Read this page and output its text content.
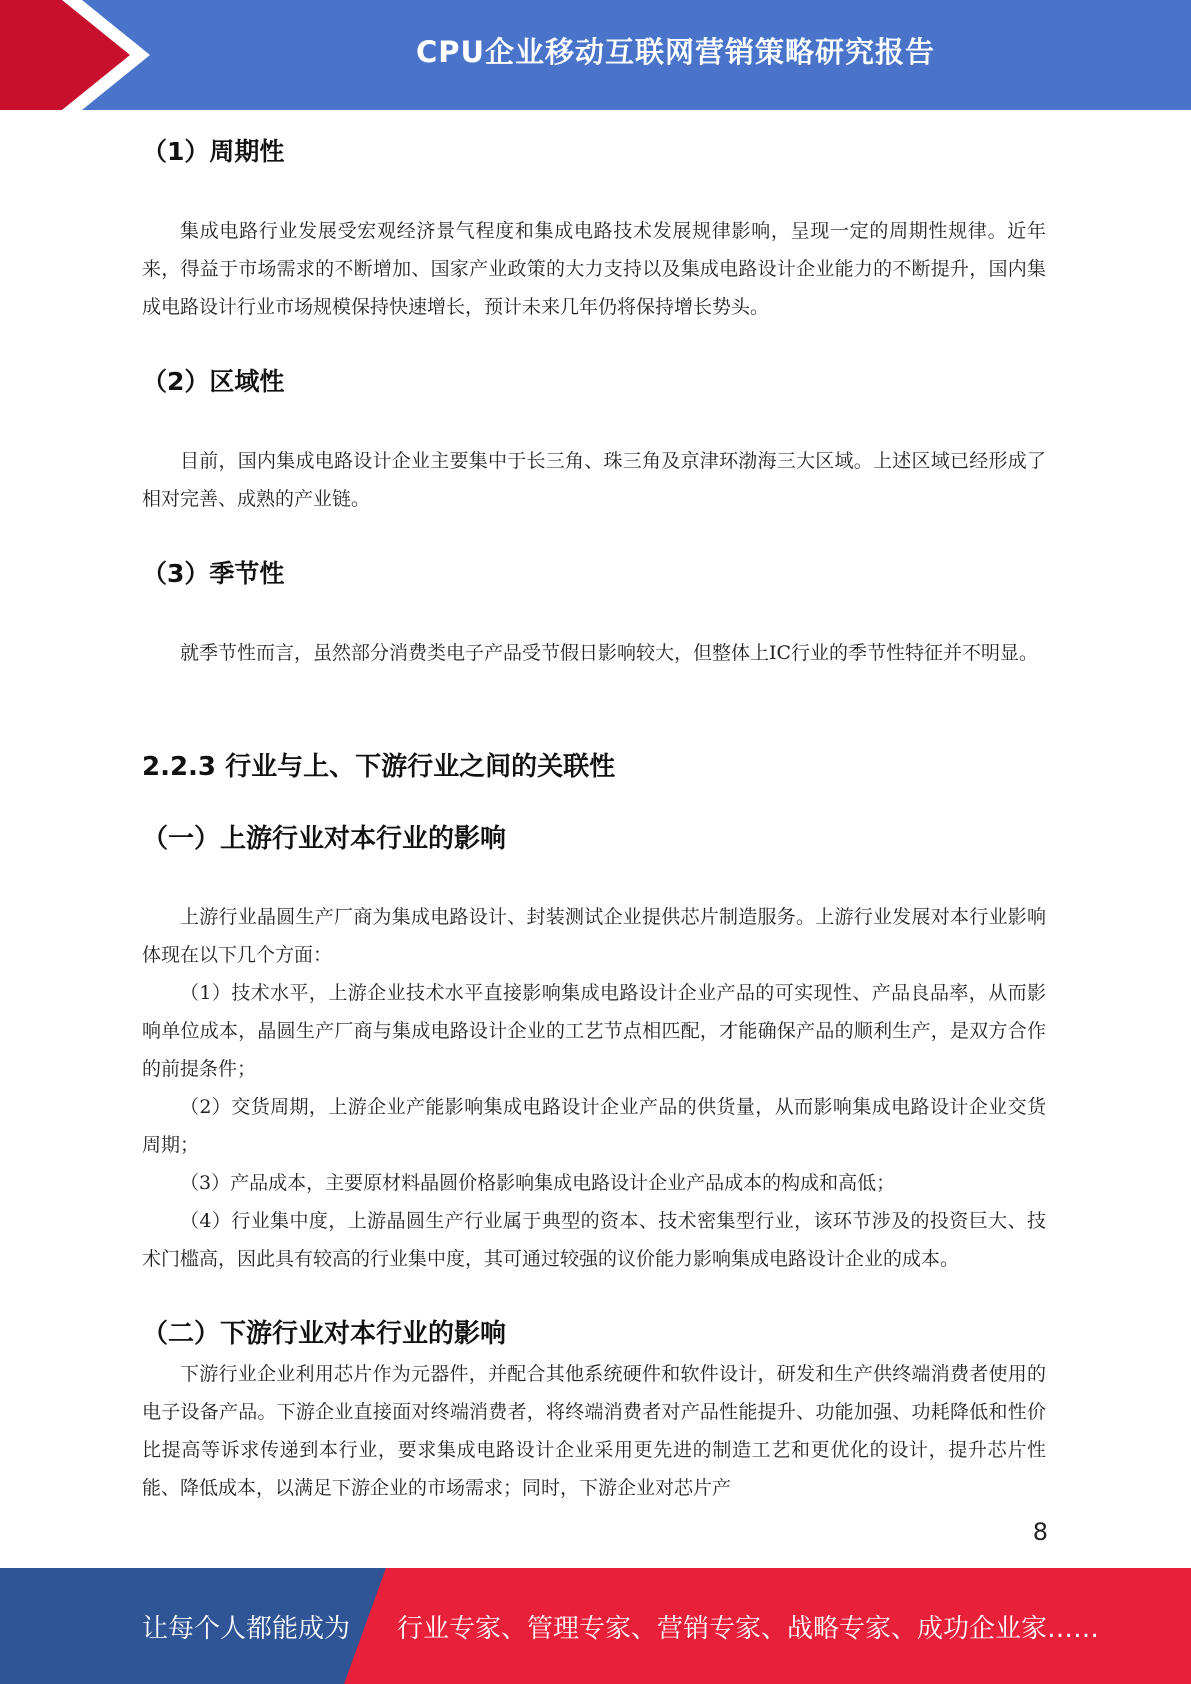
CPU企业移动互联网营销策略研究报告
（1）周期性

集成电路行业发展受宏观经济景气程度和集成电路技术发展规律影响，呈现一定的周期性规律。近年来，得益于市场需求的不断增加、国家产业政策的大力支持以及集成电路设计企业能力的不断提升，国内集成电路设计行业市场规模保持快速增长，预计未来几年仍将保持增长势头。

（2）区域性

目前，国内集成电路设计企业主要集中于长三角、珠三角及京津环渤海三大区域。上述区域已经形成了相对完善、成熟的产业链。

（3）季节性

就季节性而言，虽然部分消费类电子产品受节假日影响较大，但整体上IC行业的季节性特征并不明显。

2.2.3 行业与上、下游行业之间的关联性
（一）上游行业对本行业的影响

上游行业晶圆生产厂商为集成电路设计、封装测试企业提供芯片制造服务。上游行业发展对本行业影响体现在以下几个方面：

（1）技术水平，上游企业技术水平直接影响集成电路设计企业产品的可实现性、产品良品率，从而影响单位成本，晶圆生产厂商与集成电路设计企业的工艺节点相匹配，才能确保产品的顺利生产，是双方合作的前提条件；

（2）交货周期，上游企业产能影响集成电路设计企业产品的供货量，从而影响集成电路设计企业交货周期；

（3）产品成本，主要原材料晶圆价格影响集成电路设计企业产品成本的构成和高低；

（4）行业集中度，上游晶圆生产行业属于典型的资本、技术密集型行业，该环节涉及的投资巨大、技术门槛高，因此具有较高的行业集中度，其可通过较强的议价能力影响集成电路设计企业的成本。

（二）下游行业对本行业的影响

下游行业企业利用芯片作为元器件，并配合其他系统硬件和软件设计，研发和生产供终端消费者使用的电子设备产品。下游企业直接面对终端消费者，将终端消费者对产品性能提升、功能加强、功耗降低和性价比提高等诉求传递到本行业，要求集成电路设计企业采用更先进的制造工艺和更优化的设计，提升芯片性能、降低成本，以满足下游企业的市场需求；同时，下游企业对芯片产

8
让每个人都能成为 行业专家、管理专家、营销专家、战略专家、成功企业家……
